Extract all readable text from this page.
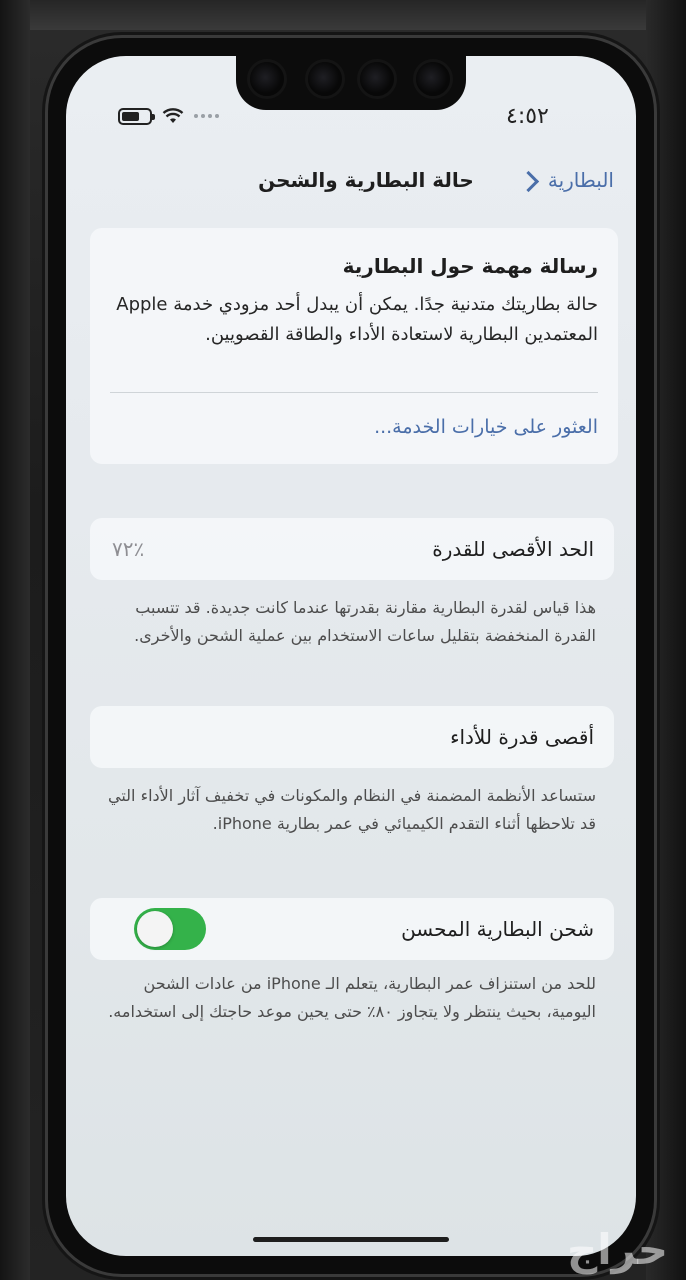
٤:٥٢
البطارية
حالة البطارية والشحن
رسالة مهمة حول البطارية
حالة بطاريتك متدنية جدًا. يمكن أن يبدل أحد مزودي خدمة Apple المعتمدين البطارية لاستعادة الأداء والطاقة القصويين.
العثور على خيارات الخدمة...
الحد الأقصى للقدرة
٪٧٢
هذا قياس لقدرة البطارية مقارنة بقدرتها عندما كانت جديدة. قد تتسبب القدرة المنخفضة بتقليل ساعات الاستخدام بين عملية الشحن والأخرى.
أقصى قدرة للأداء
ستساعد الأنظمة المضمنة في النظام والمكونات في تخفيف آثار الأداء التي قد تلاحظها أثناء التقدم الكيميائي في عمر بطارية iPhone.
شحن البطارية المحسن
للحد من استنزاف عمر البطارية، يتعلم الـ iPhone من عادات الشحن اليومية، بحيث ينتظر ولا يتجاوز ٨٠٪ حتى يحين موعد حاجتك إلى استخدامه.
حراج
